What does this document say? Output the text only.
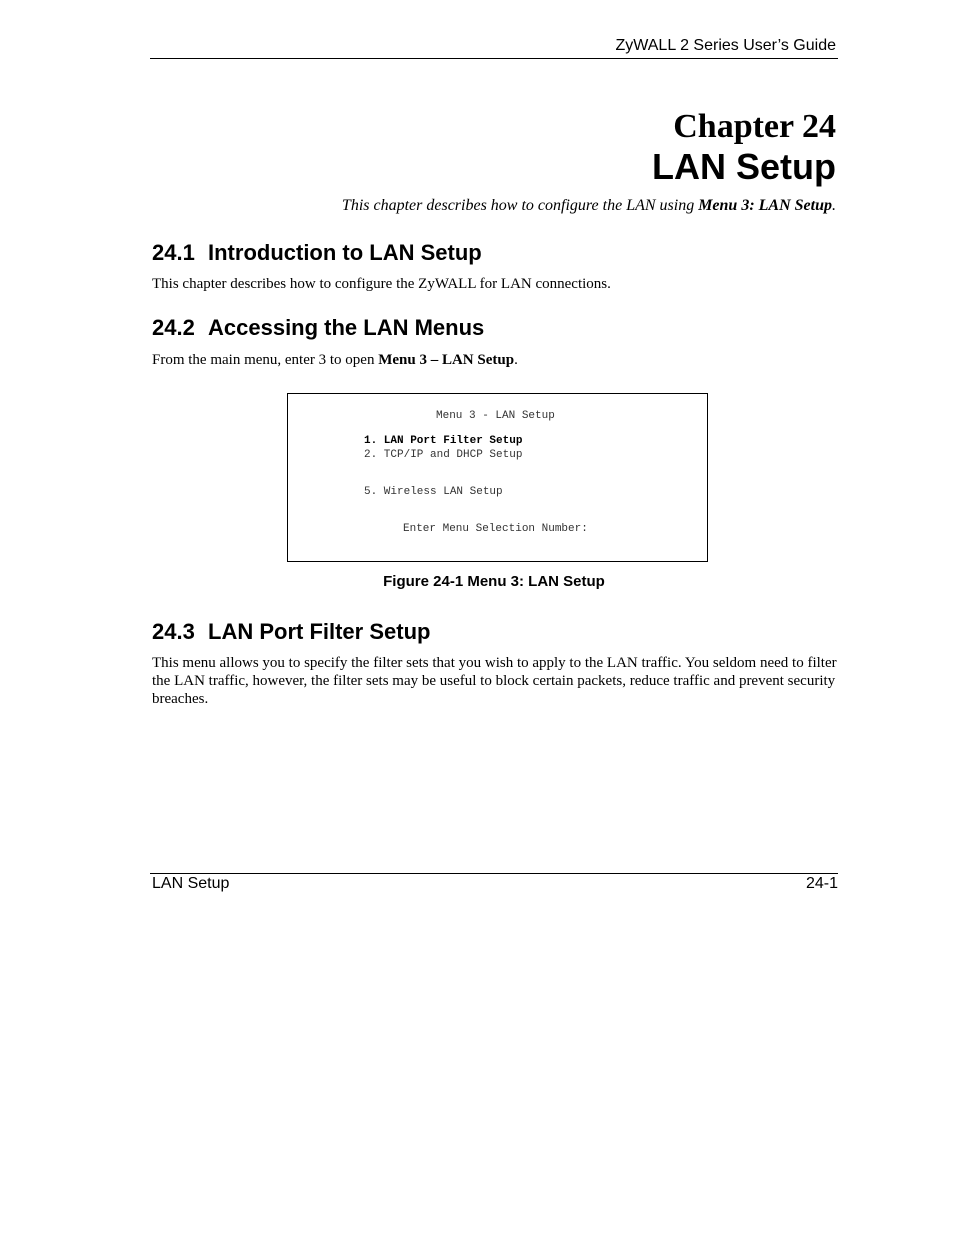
ZyWALL 2 Series User’s Guide
Chapter 24
LAN Setup
This chapter describes how to configure the LAN using Menu 3: LAN Setup.
24.1 Introduction to LAN Setup
This chapter describes how to configure the ZyWALL for LAN connections.
24.2 Accessing the LAN Menus
From the main menu, enter 3 to open Menu 3 – LAN Setup.
Menu 3 - LAN Setup
1. LAN Port Filter Setup
2. TCP/IP and DHCP Setup
5. Wireless LAN Setup
Enter Menu Selection Number:
Figure 24-1 Menu 3: LAN Setup
24.3 LAN Port Filter Setup
This menu allows you to specify the filter sets that you wish to apply to the LAN traffic. You seldom need to filter the LAN traffic, however, the filter sets may be useful to block certain packets, reduce traffic and prevent security breaches.
LAN Setup	24-1
